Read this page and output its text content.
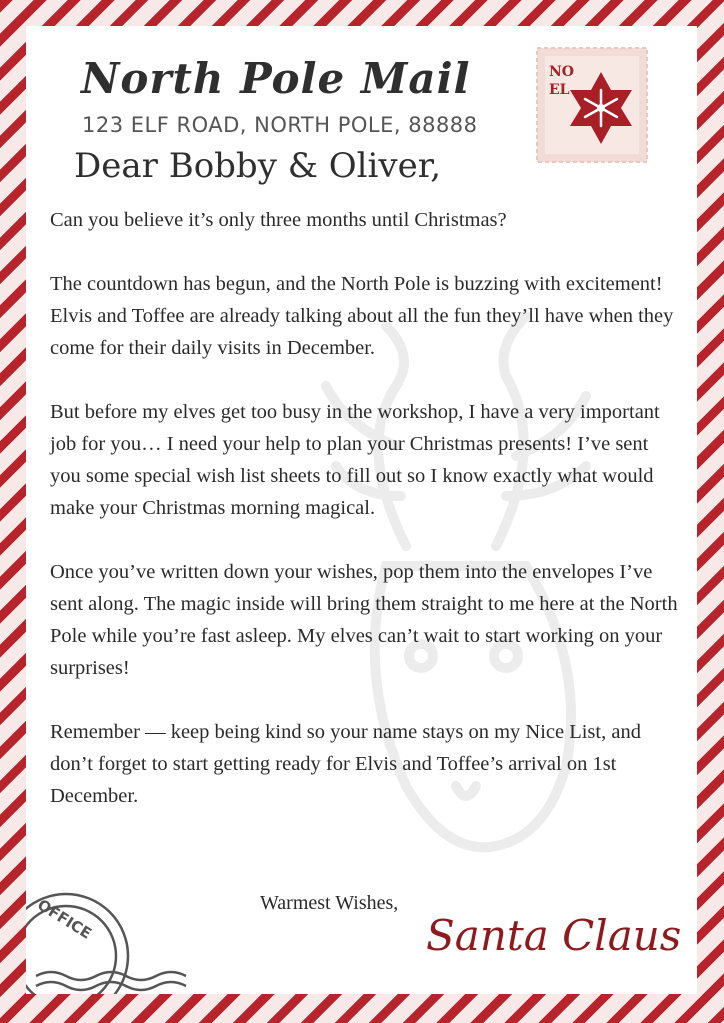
North Pole Mail
123 ELF ROAD, NORTH POLE, 88888
Dear Bobby & Oliver,
NO
EL

Can you believe it’s only three months until Christmas?

The countdown has begun, and the North Pole is buzzing with excitement! Elvis and Toffee are already talking about all the fun they’ll have when they come for their daily visits in December.

But before my elves get too busy in the workshop, I have a very important job for you… I need your help to plan your Christmas presents! I’ve sent you some special wish list sheets to fill out so I know exactly what would make your Christmas morning magical.

Once you’ve written down your wishes, pop them into the envelopes I’ve sent along. The magic inside will bring them straight to me here at the North Pole while you’re fast asleep. My elves can’t wait to start working on your surprises!

Remember — keep being kind so your name stays on my Nice List, and don’t forget to start getting ready for Elvis and Toffee’s arrival on 1st December.

Warmest Wishes,
Santa Claus
OFFICE
